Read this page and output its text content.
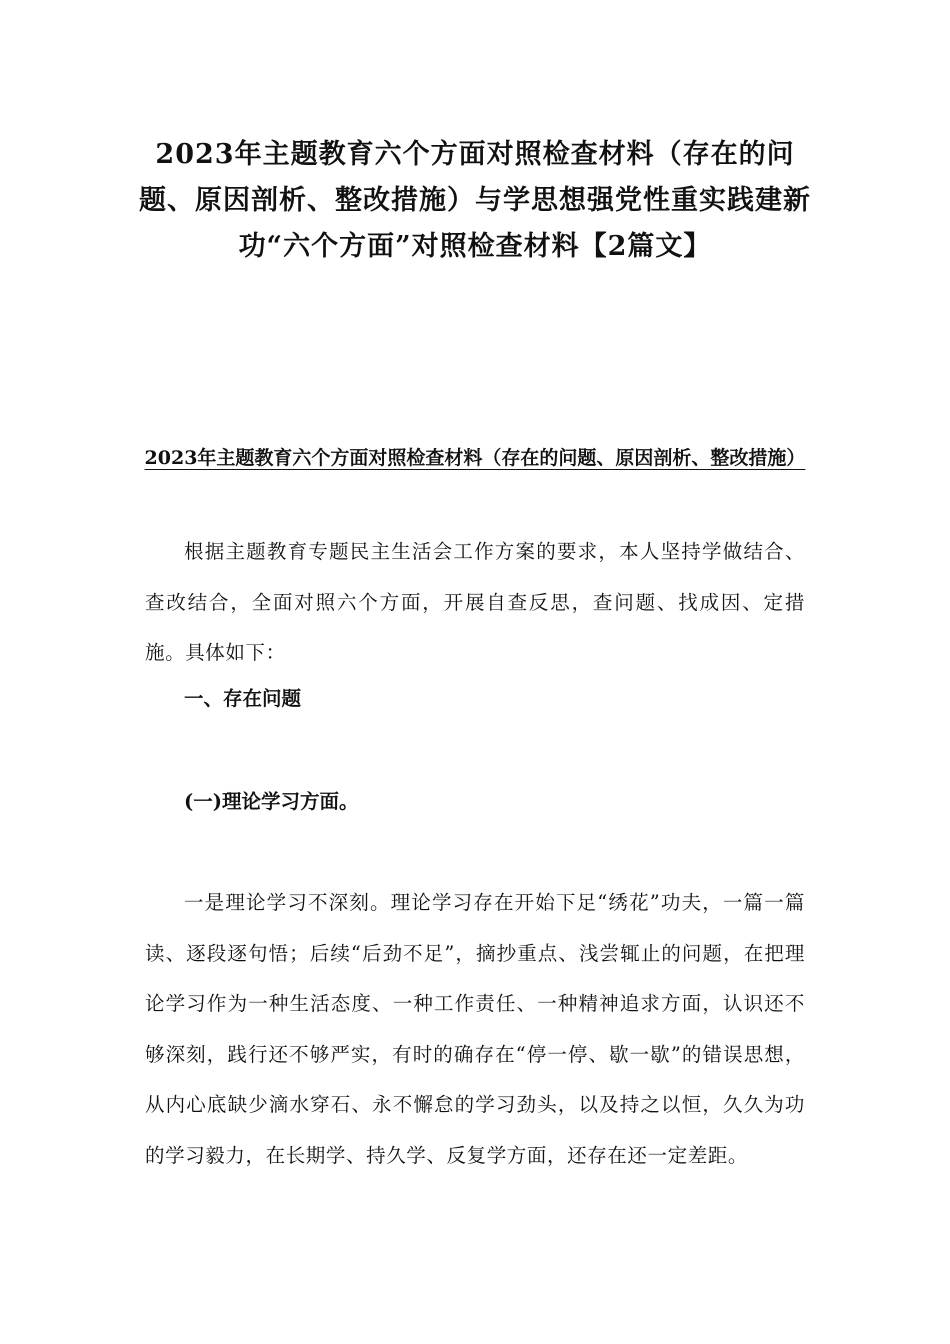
2023年主题教育六个方面对照检查材料（存在的问题、原因剖析、整改措施）与学思想强党性重实践建新功“六个方面”对照检查材料【2篇文】
2023年主题教育六个方面对照检查材料（存在的问题、原因剖析、整改措施）

根据主题教育专题民主生活会工作方案的要求，本人坚持学做结合、查改结合，全面对照六个方面，开展自查反思，查问题、找成因、定措施。具体如下：

一、存在问题
(一)理论学习方面。

一是理论学习不深刻。理论学习存在开始下足“绣花”功夫，一篇一篇读、逐段逐句悟；后续“后劲不足”，摘抄重点、浅尝辄止的问题，在把理论学习作为一种生活态度、一种工作责任、一种精神追求方面，认识还不够深刻，践行还不够严实，有时的确存在“停一停、歇一歇”的错误思想，从内心底缺少滴水穿石、永不懈怠的学习劲头，以及持之以恒，久久为功的学习毅力，在长期学、持久学、反复学方面，还存在还一定差距。
